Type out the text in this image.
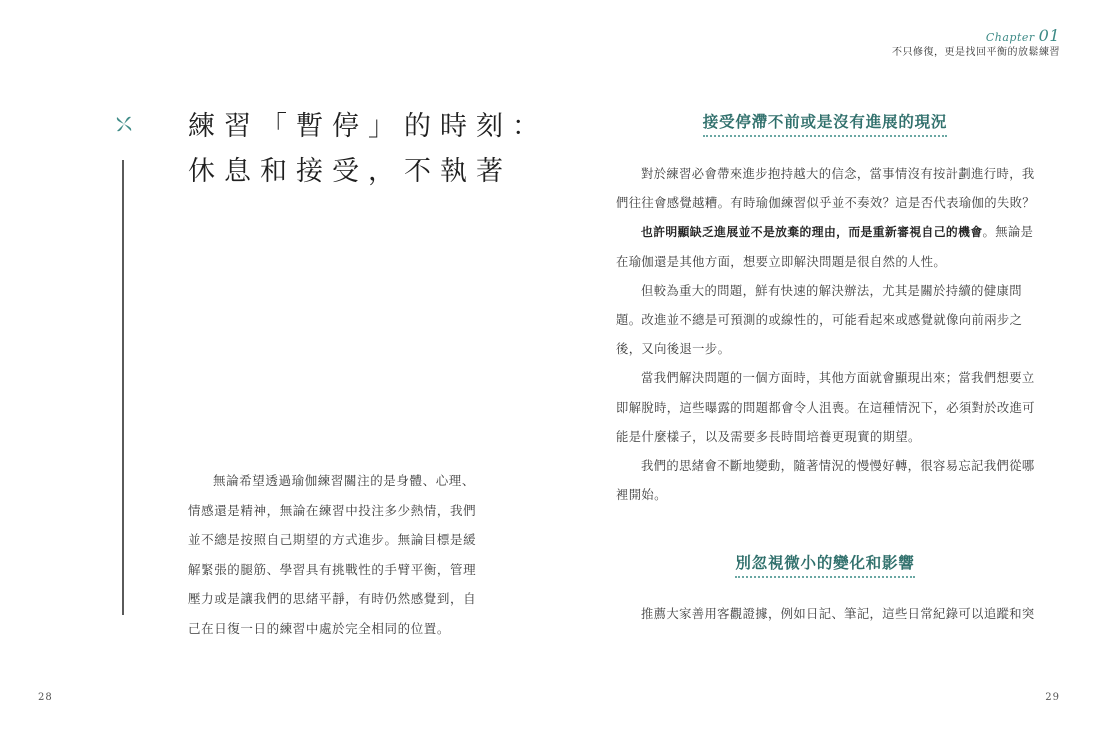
練習「暫停」的時刻：
休息和接受，不執著

無論希望透過瑜伽練習關注的是身體、心理、情感還是精神，無論在練習中投注多少熱情，我們並不總是按照自己期望的方式進步。無論目標是緩解緊張的腿筋、學習具有挑戰性的手臂平衡，管理壓力或是讓我們的思緒平靜，有時仍然感覺到，自己在日復一日的練習中處於完全相同的位置。

28
Chapter 01
不只修復，更是找回平衡的放鬆練習
接受停滯不前或是沒有進展的現況

對於練習必會帶來進步抱持越大的信念，當事情沒有按計劃進行時，我們往往會感覺越糟。有時瑜伽練習似乎並不奏效？這是否代表瑜伽的失敗？

也許明顯缺乏進展並不是放棄的理由，而是重新審視自己的機會。無論是在瑜伽還是其他方面，想要立即解決問題是很自然的人性。

但較為重大的問題，鮮有快速的解決辦法，尤其是關於持續的健康問題。改進並不總是可預測的或線性的，可能看起來或感覺就像向前兩步之後，又向後退一步。

當我們解決問題的一個方面時，其他方面就會顯現出來；當我們想要立即解脫時，這些曝露的問題都會令人沮喪。在這種情況下，必須對於改進可能是什麼樣子，以及需要多長時間培養更現實的期望。

我們的思緒會不斷地變動，隨著情況的慢慢好轉，很容易忘記我們從哪裡開始。

別忽視微小的變化和影響

推薦大家善用客觀證據，例如日記、筆記，這些日常紀錄可以追蹤和突

29
